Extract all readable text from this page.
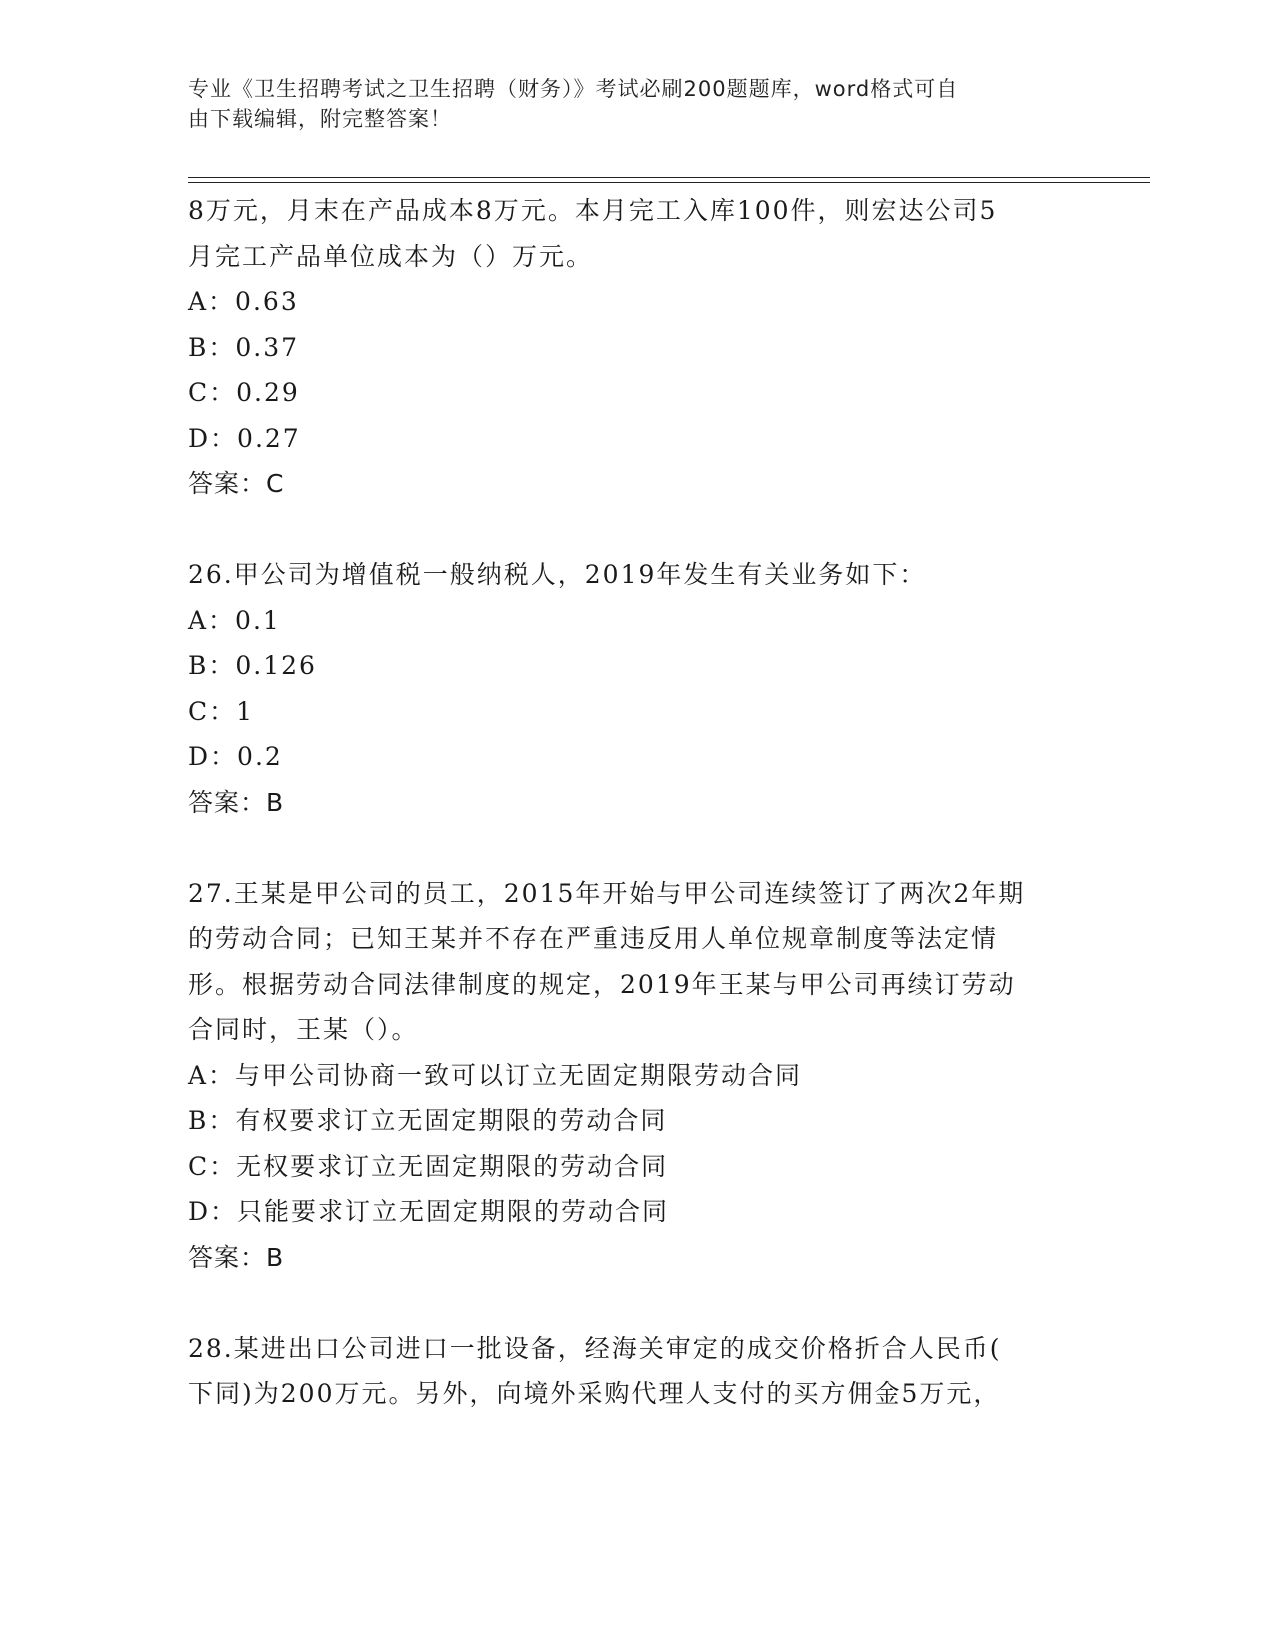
专业《卫生招聘考试之卫生招聘（财务）》考试必刷200题题库，word格式可自
由下载编辑，附完整答案！
8万元，月末在产品成本8万元。本月完工入库100件，则宏达公司5
月完工产品单位成本为（）万元。
A：0.63
B：0.37
C：0.29
D：0.27
答案：C
26.甲公司为增值税一般纳税人，2019年发生有关业务如下：
A：0.1
B：0.126
C：1
D：0.2
答案：B
27.王某是甲公司的员工，2015年开始与甲公司连续签订了两次2年期
的劳动合同；已知王某并不存在严重违反用人单位规章制度等法定情
形。根据劳动合同法律制度的规定，2019年王某与甲公司再续订劳动
合同时，王某（）。
A：与甲公司协商一致可以订立无固定期限劳动合同
B：有权要求订立无固定期限的劳动合同
C：无权要求订立无固定期限的劳动合同
D：只能要求订立无固定期限的劳动合同
答案：B
28.某进出口公司进口一批设备，经海关审定的成交价格折合人民币(
下同)为200万元。另外，向境外采购代理人支付的买方佣金5万元，
